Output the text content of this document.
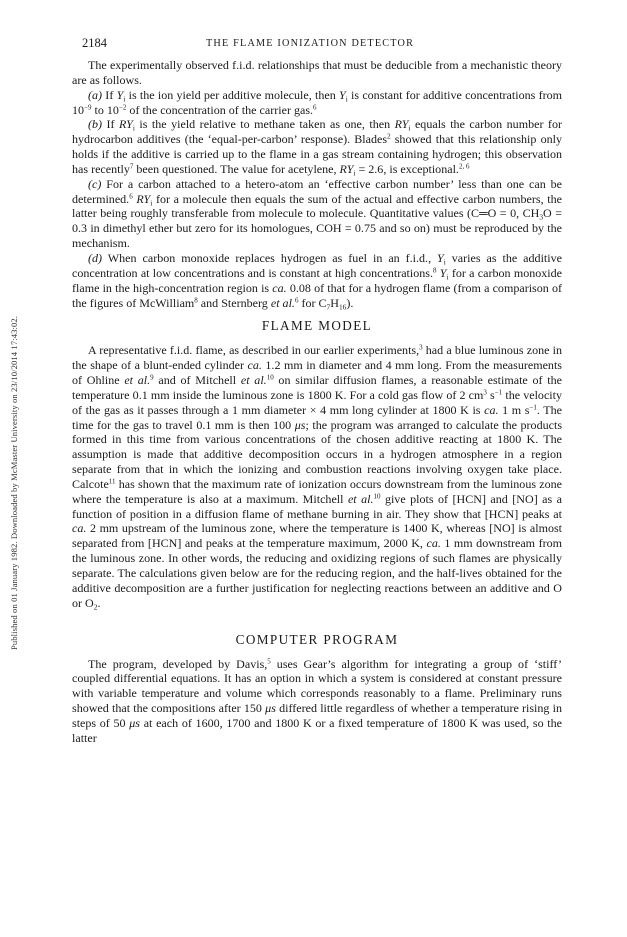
Published on 01 January 1982. Downloaded by McMaster University on 23/10/2014 17:43:02.
2184	THE FLAME IONIZATION DETECTOR

The experimentally observed f.i.d. relationships that must be deducible from a mechanistic theory are as follows.

(a) If $Y_i$ is the ion yield per additive molecule, then $Y_i$ is constant for additive concentrations from $10^{-9}$ to $10^{-2}$ of the concentration of the carrier gas.$^6$

(b) If $RY_i$ is the yield relative to methane taken as one, then $RY_i$ equals the carbon number for hydrocarbon additives (the ‘equal-per-carbon’ response). Blades$^2$ showed that this relationship only holds if the additive is carried up to the flame in a gas stream containing hydrogen; this observation has recently$^7$ been questioned. The value for acetylene, $RY_i = 2.6$, is exceptional.$^{2, 6}$

(c) For a carbon attached to a hetero-atom an ‘effective carbon number’ less than one can be determined.$^6$ $RY_i$ for a molecule then equals the sum of the actual and effective carbon numbers, the latter being roughly transferable from molecule to molecule. Quantitative values (C═O = 0, $CH_3O = 0.3$ in dimethyl ether but zero for its homologues, COH = 0.75 and so on) must be reproduced by the mechanism.

(d) When carbon monoxide replaces hydrogen as fuel in an f.i.d., $Y_i$ varies as the additive concentration at low concentrations and is constant at high concentrations.$^8$ $Y_i$ for a carbon monoxide flame in the high-concentration region is ca. 0.08 of that for a hydrogen flame (from a comparison of the figures of McWilliam$^8$ and Sternberg et al.$^6$ for $C_7H_{16}$).

FLAME MODEL

A representative f.i.d. flame, as described in our earlier experiments,$^3$ had a blue luminous zone in the shape of a blunt-ended cylinder ca. 1.2 mm in diameter and 4 mm long. From the measurements of Ohline et al.$^9$ and of Mitchell et al.$^{10}$ on similar diffusion flames, a reasonable estimate of the temperature 0.1 mm inside the luminous zone is 1800 K. For a cold gas flow of 2 $cm^3$ $s^{-1}$ the velocity of the gas as it passes through a 1 mm diameter × 4 mm long cylinder at 1800 K is ca. 1 m $s^{-1}$. The time for the gas to travel 0.1 mm is then 100 μs; the program was arranged to calculate the products formed in this time from various concentrations of the chosen additive reacting at 1800 K. The assumption is made that additive decomposition occurs in a hydrogen atmosphere in a region separate from that in which the ionizing and combustion reactions involving oxygen take place. Calcote$^{11}$ has shown that the maximum rate of ionization occurs downstream from the luminous zone where the temperature is also at a maximum. Mitchell et al.$^{10}$ give plots of [HCN] and [NO] as a function of position in a diffusion flame of methane burning in air. They show that [HCN] peaks at ca. 2 mm upstream of the luminous zone, where the temperature is 1400 K, whereas [NO] is almost separated from [HCN] and peaks at the temperature maximum, 2000 K, ca. 1 mm downstream from the luminous zone. In other words, the reducing and oxidizing regions of such flames are physically separate. The calculations given below are for the reducing region, and the half-lives obtained for the additive decomposition are a further justification for neglecting reactions between an additive and O or $O_2$.

COMPUTER PROGRAM

The program, developed by Davis,$^5$ uses Gear’s algorithm for integrating a group of ‘stiff’ coupled differential equations. It has an option in which a system is considered at constant pressure with variable temperature and volume which corresponds reasonably to a flame. Preliminary runs showed that the compositions after 150 μs differed little regardless of whether a temperature rising in steps of 50 μs at each of 1600, 1700 and 1800 K or a fixed temperature of 1800 K was used, so the latter
